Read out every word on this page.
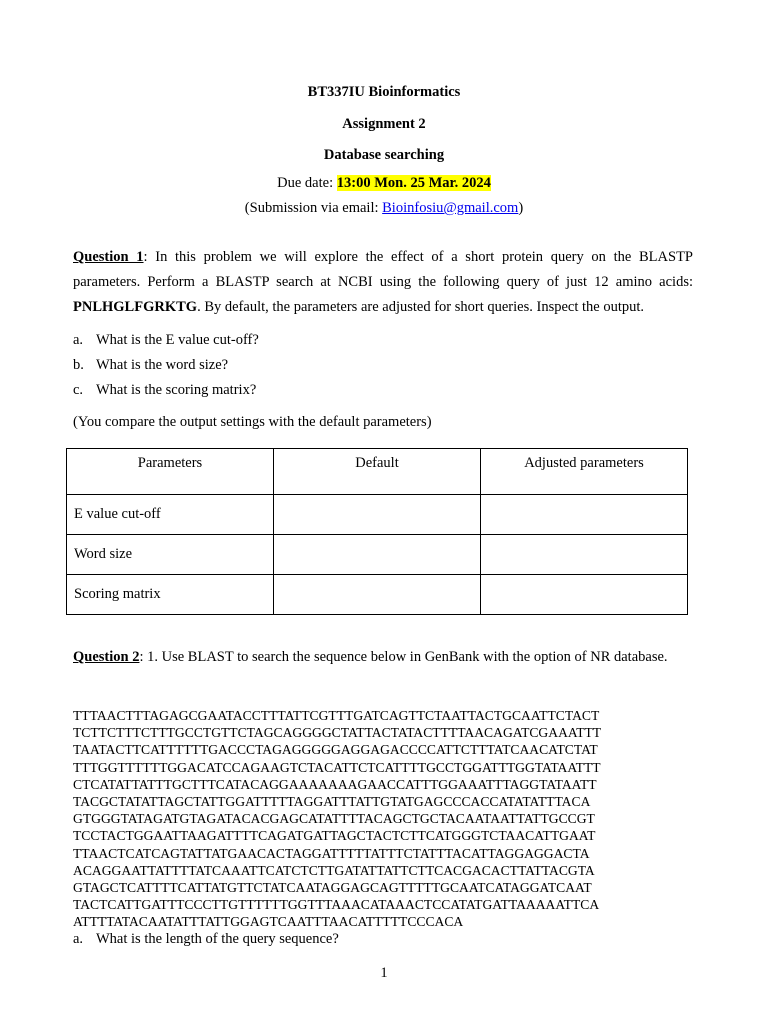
BT337IU Bioinformatics
Assignment 2
Database searching
Due date: 13:00 Mon. 25 Mar. 2024
(Submission via email: Bioinfosiu@gmail.com)
Question 1: In this problem we will explore the effect of a short protein query on the BLASTP parameters. Perform a BLASTP search at NCBI using the following query of just 12 amino acids: PNLHGLFGRKTG. By default, the parameters are adjusted for short queries. Inspect the output.
a. What is the E value cut-off?
b. What is the word size?
c. What is the scoring matrix?
(You compare the output settings with the default parameters)
Parameters	Default	Adjusted parameters
E value cut-off		
Word size		
Scoring matrix		
Question 2: 1. Use BLAST to search the sequence below in GenBank with the option of NR database.
TTTAACTTTAGAGCGAATACCTTTATTCGTTTGATCAGTTCTAATTACTGCAATTCTACT
TCTTCTTTCTTTGCCTGTTCTAGCAGGGGCTATTACTATACTTTTAACAGATCGAAATTT
TAATACTTCATTTTTTGACCCTAGAGGGGGAGGAGACCCCATTCTTTATCAACATCTAT
TTTGGTTTTTTGGACATCCAGAAGTCTACATTCTCATTTTGCCTGGATTTGGTATAATTT
CTCATATTATTTGCTTTCATACAGGAAAAAAAGAACCATTTGGAAATTTAGGTATAATT
TACGCTATATTAGCTATTGGATTTTTAGGATTTATTGTATGAGCCCACCATATATTTACA
GTGGGTATAGATGTAGATACACGAGCATATTTTACAGCTGCTACAATAATTATTGCCGT
TCCTACTGGAATTAAGATTTTCAGATGATTAGCTACTCTTCATGGGTCTAACATTGAAT
TTAACTCATCAGTATTATGAACACTAGGATTTTTATTTCTATTTACATTAGGAGGACTA
ACAGGAATTATTTTATCAAATTCATCTCTTGATATTATTCTTCACGACACTTATTACGTA
GTAGCTCATTTTCATTATGTTCTATCAATAGGAGCAGTTTTTGCAATCATAGGATCAAT
TACTCATTGATTTCCCTTGTTTTTTGGTTTAAACATAAACTCCATATGATTAAAAATTCA
ATTTTATACAATATTTATTGGAGTCAATTTAACATTTTTCCCACA
a. What is the length of the query sequence?
1
